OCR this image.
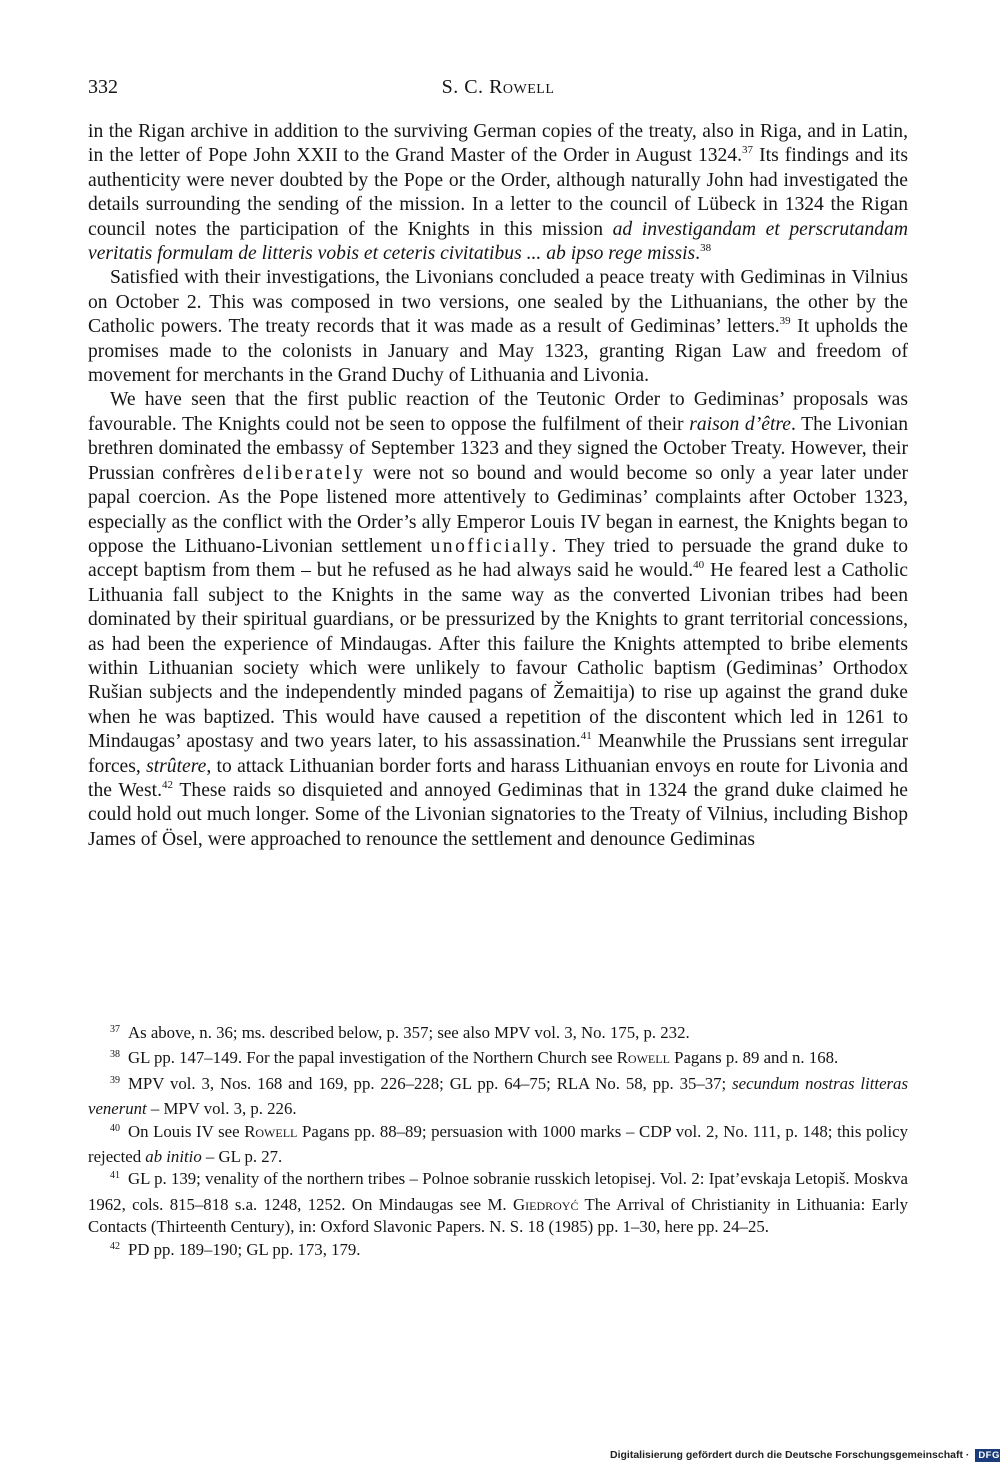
332	S. C. Rowell

in the Rigan archive in addition to the surviving German copies of the treaty, also in Riga, and in Latin, in the letter of Pope John XXII to the Grand Master of the Order in August 1324.37 Its findings and its authenticity were never doubted by the Pope or the Order, although naturally John had investigated the details surrounding the sending of the mission. In a letter to the council of Lübeck in 1324 the Rigan council notes the participation of the Knights in this mission ad investigandam et perscrutandam veritatis formulam de litteris vobis et ceteris civitatibus ... ab ipso rege missis.$^{38}$

Satisfied with their investigations, the Livonians concluded a peace treaty with Gediminas in Vilnius on October 2. This was composed in two versions, one sealed by the Lithuanians, the other by the Catholic powers. The treaty records that it was made as a result of Gediminas’ letters.$^{39}$ It upholds the promises made to the colonists in January and May 1323, granting Rigan Law and freedom of movement for merchants in the Grand Duchy of Lithuania and Livonia.

We have seen that the first public reaction of the Teutonic Order to Gediminas’ proposals was favourable. The Knights could not be seen to oppose the fulfilment of their raison d’être. The Livonian brethren dominated the embassy of September 1323 and they signed the October Treaty. However, their Prussian confrères deliberately were not so bound and would become so only a year later under papal coercion. As the Pope listened more attentively to Gediminas’ complaints after October 1323, especially as the conflict with the Order’s ally Emperor Louis IV began in earnest, the Knights began to oppose the Lithuano-Livonian settlement unofficially. They tried to persuade the grand duke to accept baptism from them – but he refused as he had always said he would.$^{40}$ He feared lest a Catholic Lithuania fall subject to the Knights in the same way as the converted Livonian tribes had been dominated by their spiritual guardians, or be pressurized by the Knights to grant territorial concessions, as had been the experience of Mindaugas. After this failure the Knights attempted to bribe elements within Lithuanian society which were unlikely to favour Catholic baptism (Gediminas’ Orthodox Rušian subjects and the independently minded pagans of Žemaitija) to rise up against the grand duke when he was baptized. This would have caused a repetition of the discontent which led in 1261 to Mindaugas’ apostasy and two years later, to his assassination.$^{41}$ Meanwhile the Prussians sent irregular forces, strûtere, to attack Lithuanian border forts and harass Lithuanian envoys en route for Livonia and the West.$^{42}$ These raids so disquieted and annoyed Gediminas that in 1324 the grand duke claimed he could hold out much longer. Some of the Livonian signatories to the Treaty of Vilnius, including Bishop James of Ösel, were approached to renounce the settlement and denounce Gediminas

$^{37}$ As above, n. 36; ms. described below, p. 357; see also MPV vol. 3, No. 175, p. 232.

$^{38}$ GL pp. 147–149. For the papal investigation of the Northern Church see Rowell Pagans p. 89 and n. 168.

$^{39}$ MPV vol. 3, Nos. 168 and 169, pp. 226–228; GL pp. 64–75; RLA No. 58, pp. 35–37; secundum nostras litteras venerunt – MPV vol. 3, p. 226.

$^{40}$ On Louis IV see Rowell Pagans pp. 88–89; persuasion with 1000 marks – CDP vol. 2, No. 111, p. 148; this policy rejected ab initio – GL p. 27.

$^{41}$ GL p. 139; venality of the northern tribes – Polnoe sobranie russkich letopisej. Vol. 2: Ipat’evskaja Letopiš. Moskva 1962, cols. 815–818 s.a. 1248, 1252. On Mindaugas see M. Giedroyć The Arrival of Christianity in Lithuania: Early Contacts (Thirteenth Century), in: Oxford Slavonic Papers. N. S. 18 (1985) pp. 1–30, here pp. 24–25.

$^{42}$ PD pp. 189–190; GL pp. 173, 179.

Digitalisierung gefördert durch die Deutsche Forschungsgemeinschaft · DFG
